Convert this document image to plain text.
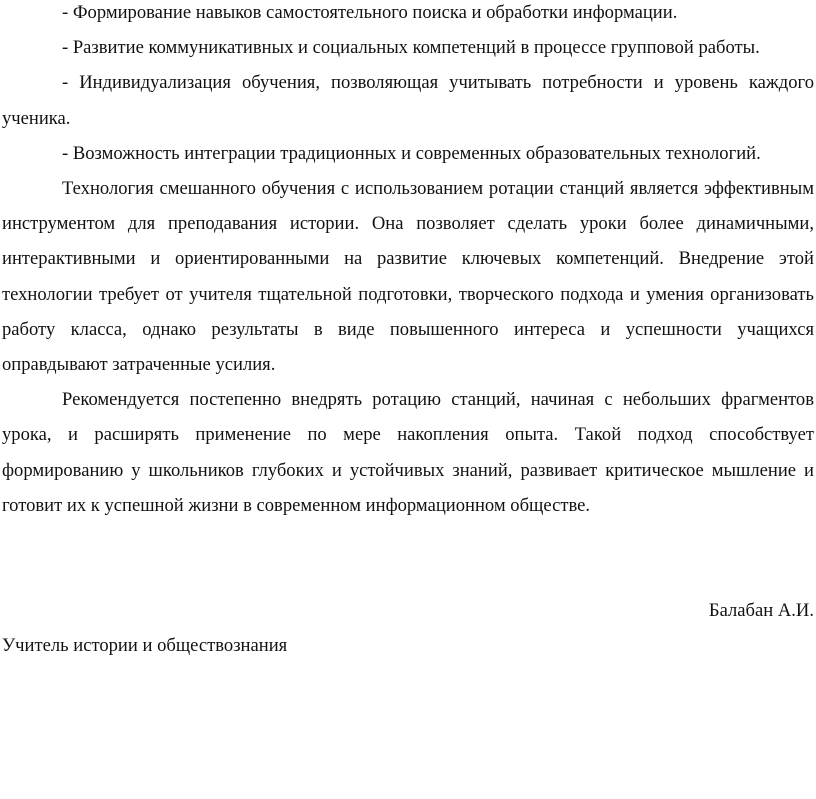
- Формирование навыков самостоятельного поиска и обработки информации.

- Развитие коммуникативных и социальных компетенций в процессе групповой работы.

- Индивидуализация обучения, позволяющая учитывать потребности и уровень каждого ученика.

- Возможность интеграции традиционных и современных образовательных технологий.

Технология смешанного обучения с использованием ротации станций является эффективным инструментом для преподавания истории. Она позволяет сделать уроки более динамичными, интерактивными и ориентированными на развитие ключевых компетенций. Внедрение этой технологии требует от учителя тщательной подготовки, творческого подхода и умения организовать работу класса, однако результаты в виде повышенного интереса и успешности учащихся оправдывают затраченные усилия.

Рекомендуется постепенно внедрять ротацию станций, начиная с небольших фрагментов урока, и расширять применение по мере накопления опыта. Такой подход способствует формированию у школьников глубоких и устойчивых знаний, развивает критическое мышление и готовит их к успешной жизни в современном информационном обществе.

Балабан А.И.

Учитель истории и обществознания
